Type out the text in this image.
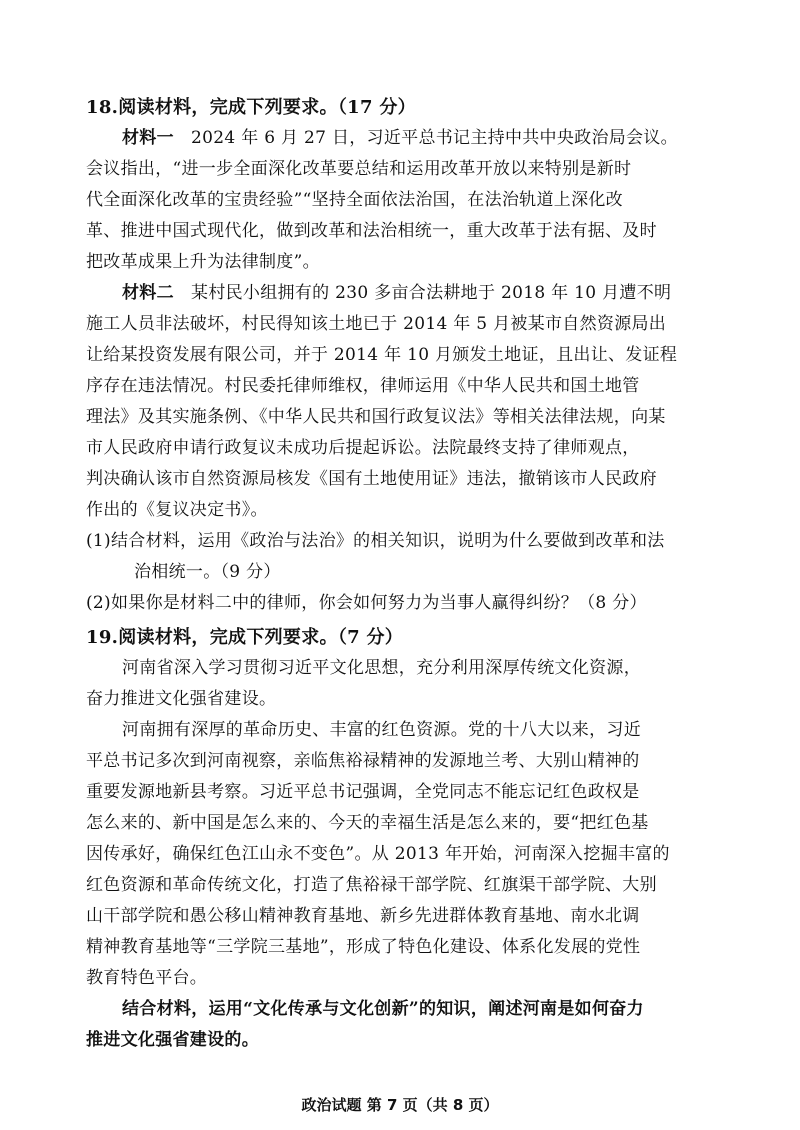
18.阅读材料，完成下列要求。（17 分）
材料一 2024 年 6 月 27 日，习近平总书记主持中共中央政治局会议。
会议指出，“进一步全面深化改革要总结和运用改革开放以来特别是新时
代全面深化改革的宝贵经验”“坚持全面依法治国，在法治轨道上深化改
革、推进中国式现代化，做到改革和法治相统一，重大改革于法有据、及时
把改革成果上升为法律制度”。
材料二 某村民小组拥有的 230 多亩合法耕地于 2018 年 10 月遭不明
施工人员非法破坏，村民得知该土地已于 2014 年 5 月被某市自然资源局出
让给某投资发展有限公司，并于 2014 年 10 月颁发土地证，且出让、发证程
序存在违法情况。村民委托律师维权，律师运用《中华人民共和国土地管
理法》及其实施条例、《中华人民共和国行政复议法》等相关法律法规，向某
市人民政府申请行政复议未成功后提起诉讼。法院最终支持了律师观点，
判决确认该市自然资源局核发《国有土地使用证》违法，撤销该市人民政府
作出的《复议决定书》。
(1)结合材料，运用《政治与法治》的相关知识，说明为什么要做到改革和法
治相统一。（9 分）
(2)如果你是材料二中的律师，你会如何努力为当事人赢得纠纷？（8 分）
19.阅读材料，完成下列要求。（7 分）
河南省深入学习贯彻习近平文化思想，充分利用深厚传统文化资源，
奋力推进文化强省建设。
河南拥有深厚的革命历史、丰富的红色资源。党的十八大以来，习近
平总书记多次到河南视察，亲临焦裕禄精神的发源地兰考、大别山精神的
重要发源地新县考察。习近平总书记强调，全党同志不能忘记红色政权是
怎么来的、新中国是怎么来的、今天的幸福生活是怎么来的，要“把红色基
因传承好，确保红色江山永不变色”。从 2013 年开始，河南深入挖掘丰富的
红色资源和革命传统文化，打造了焦裕禄干部学院、红旗渠干部学院、大别
山干部学院和愚公移山精神教育基地、新乡先进群体教育基地、南水北调
精神教育基地等“三学院三基地”，形成了特色化建设、体系化发展的党性
教育特色平台。
结合材料，运用“文化传承与文化创新”的知识，阐述河南是如何奋力
推进文化强省建设的。
政治试题 第 7 页（共 8 页）
